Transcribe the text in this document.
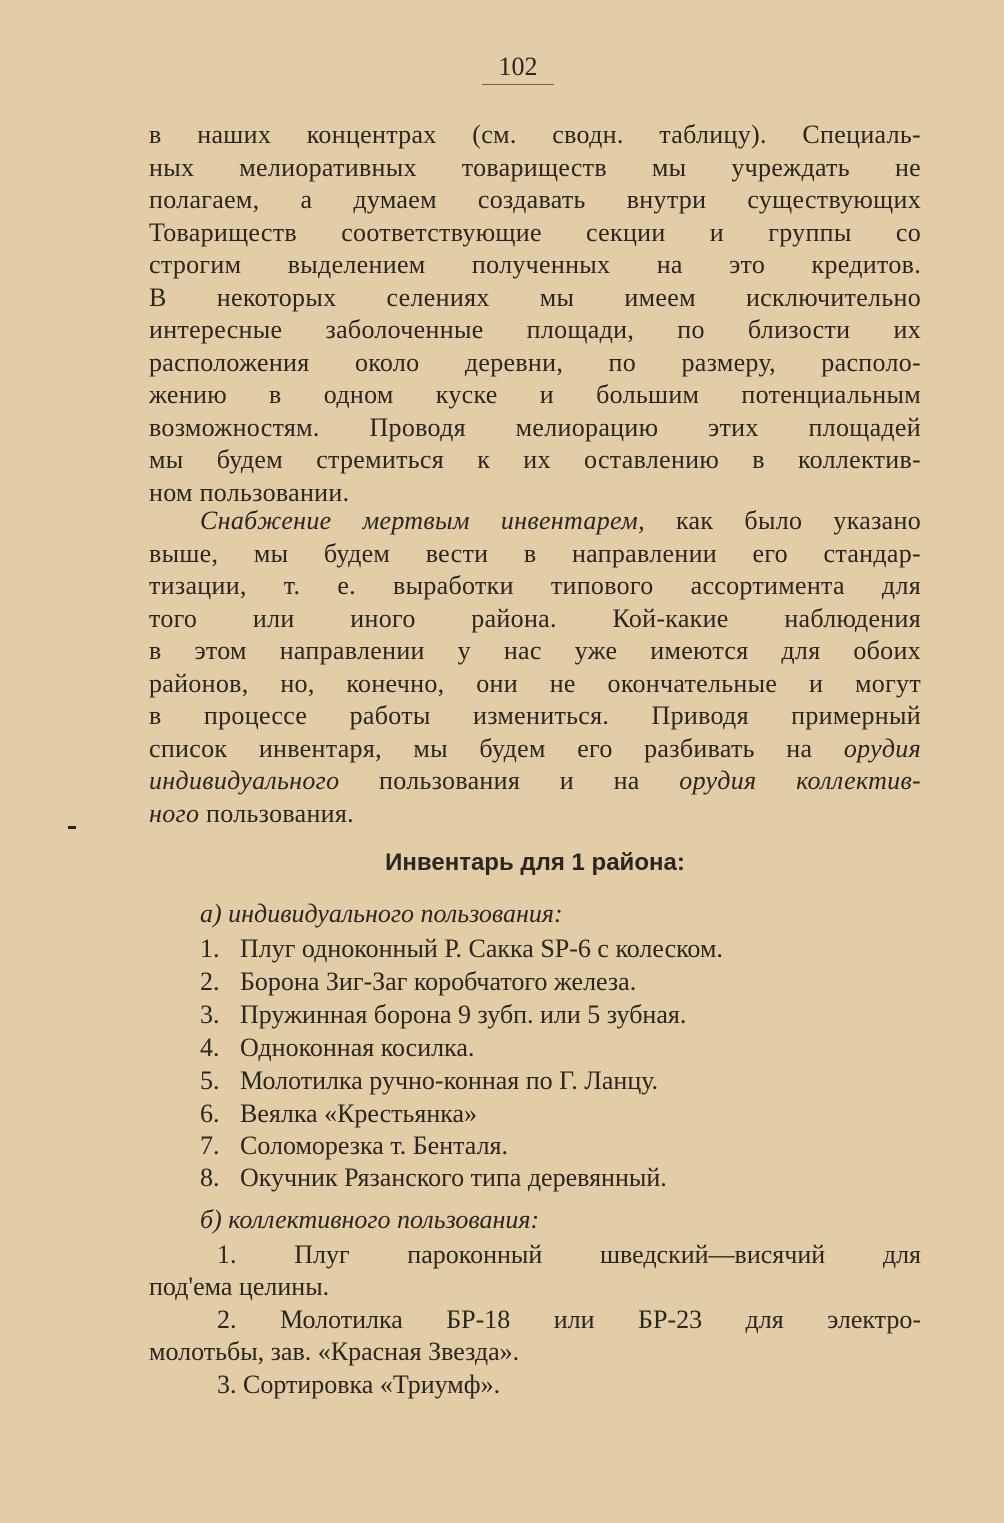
102
в наших концентрах (см. сводн. таблицу). Специаль-
ных мелиоративных товариществ мы учреждать не
полагаем, а думаем создавать внутри существующих
Товариществ соответствующие секции и группы со
строгим выделением полученных на это кредитов.
В некоторых селениях мы имеем исключительно
интересные заболоченные площади, по близости их
расположения около деревни, по размеру, располо-
жению в одном куске и большим потенциальным
возможностям. Проводя мелиорацию этих площадей
мы будем стремиться к их оставлению в коллектив-
ном пользовании.
Снабжение мертвым инвентарем, как было указано
выше, мы будем вести в направлении его стандар-
тизации, т. е. выработки типового ассортимента для
того или иного района. Кой-какие наблюдения
в этом направлении у нас уже имеются для обоих
районов, но, конечно, они не окончательные и могут
в процессе работы измениться. Приводя примерный
список инвентаря, мы будем его разбивать на орудия
индивидуального пользования и на орудия коллектив-
ного пользования.
Инвентарь для 1 района:
а) индивидуального пользования:
1. Плуг одноконный Р. Сакка SP-6 с колеском.
2. Борона Зиг-Заг коробчатого железа.
3. Пружинная борона 9 зубп. или 5 зубная.
4. Одноконная косилка.
5. Молотилка ручно-конная по Г. Ланцу.
6. Веялка «Крестьянка»
7. Соломорезка т. Бенталя.
8. Окучник Рязанского типа деревянный.
б) коллективного пользования:
1. Плуг пароконный шведский—висячий для
под'ема целины.
2. Молотилка БР-18 или БР-23 для электро-
молотьбы, зав. «Красная Звезда».
3. Сортировка «Триумф».
